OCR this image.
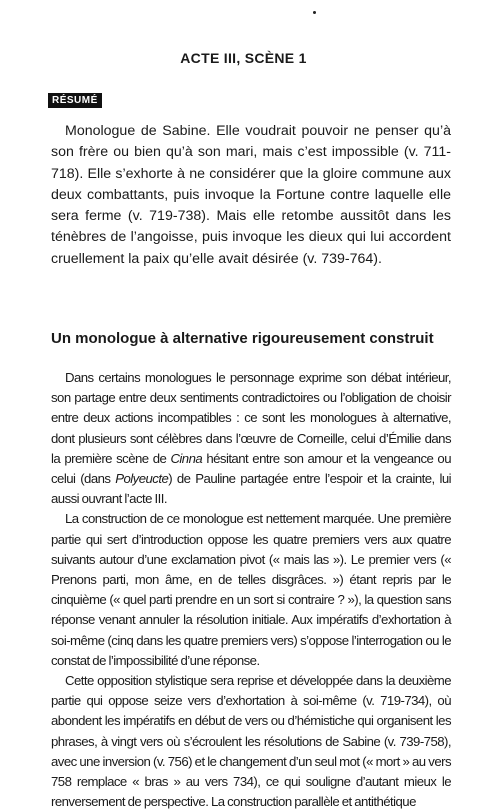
ACTE III, SCÈNE 1
RÉSUMÉ

Monologue de Sabine. Elle voudrait pouvoir ne penser qu’à son frère ou bien qu’à son mari, mais c’est impossible (v. 711-718). Elle s’exhorte à ne considérer que la gloire commune aux deux combattants, puis invoque la Fortune contre laquelle elle sera ferme (v. 719-738). Mais elle retombe aussitôt dans les ténèbres de l’angoisse, puis invoque les dieux qui lui accordent cruellement la paix qu’elle avait désirée (v. 739-764).

Un monologue à alternative rigoureusement construit

Dans certains monologues le personnage exprime son débat intérieur, son partage entre deux sentiments contradictoires ou l’obligation de choisir entre deux actions incompatibles : ce sont les monologues à alternative, dont plusieurs sont célèbres dans l’œuvre de Corneille, celui d’Émilie dans la première scène de Cinna hésitant entre son amour et la vengeance ou celui (dans Polyeucte) de Pauline partagée entre l’espoir et la crainte, lui aussi ouvrant l’acte III.

La construction de ce monologue est nettement marquée. Une première partie qui sert d’introduction oppose les quatre premiers vers aux quatre suivants autour d’une exclamation pivot (« mais las »). Le premier vers (« Prenons parti, mon âme, en de telles disgrâces. ») étant repris par le cinquième (« quel parti prendre en un sort si contraire ? »), la question sans réponse venant annuler la résolution initiale. Aux impératifs d’exhortation à soi-même (cinq dans les quatre premiers vers) s’oppose l’interrogation ou le constat de l’impossibilité d’une réponse.

Cette opposition stylistique sera reprise et développée dans la deuxième partie qui oppose seize vers d’exhortation à soi-même (v. 719-734), où abondent les impératifs en début de vers ou d’hémistiche qui organisent les phrases, à vingt vers où s’écroulent les résolutions de Sabine (v. 739-758), avec une inversion (v. 756) et le changement d’un seul mot (« mort » au vers 758 remplace « bras » au vers 734), ce qui souligne d’autant mieux le renversement de perspective. La construction parallèle et antithétique
